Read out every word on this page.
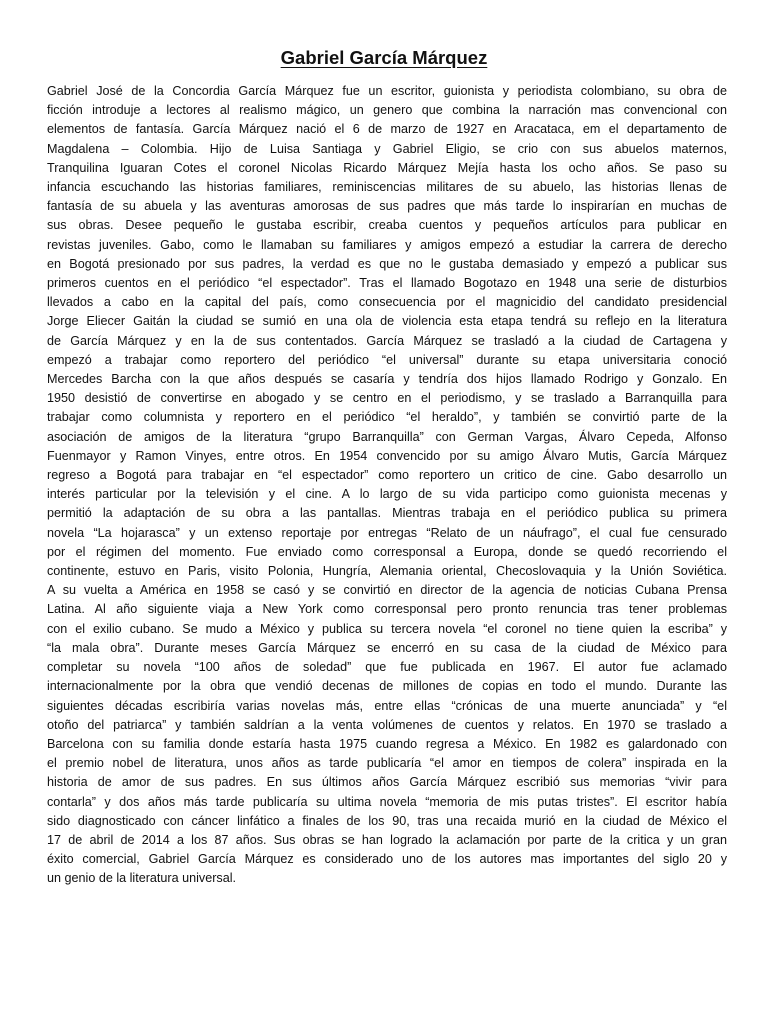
Gabriel García Márquez
Gabriel José de la Concordia García Márquez fue un escritor, guionista y periodista colombiano, su obra de
ficción introduje a lectores al realismo mágico, un genero que combina la narración mas convencional con
elementos de fantasía. García Márquez nació el 6 de marzo de 1927 en Aracataca, em el departamento de
Magdalena – Colombia. Hijo de Luisa Santiaga y Gabriel Eligio, se crio con sus abuelos maternos,
Tranquilina Iguaran Cotes el coronel Nicolas Ricardo Márquez Mejía hasta los ocho años. Se paso su
infancia escuchando las historias familiares, reminiscencias militares de su abuelo, las historias llenas de
fantasía de su abuela y las aventuras amorosas de sus padres que más tarde lo inspirarían en muchas de
sus obras. Desee pequeño le gustaba escribir, creaba cuentos y pequeños artículos para publicar en
revistas juveniles. Gabo, como le llamaban su familiares y amigos empezó a estudiar la carrera de derecho
en Bogotá presionado por sus padres, la verdad es que no le gustaba demasiado y empezó a publicar sus
primeros cuentos en el periódico “el espectador”. Tras el llamado Bogotazo en 1948 una serie de disturbios
llevados a cabo en la capital del país, como consecuencia por el magnicidio del candidato presidencial
Jorge Eliecer Gaitán la ciudad se sumió en una ola de violencia esta etapa tendrá su reflejo en la literatura
de García Márquez y en la de sus contentados. García Márquez se trasladó a la ciudad de Cartagena y
empezó a trabajar como reportero del periódico “el universal” durante su etapa universitaria conoció
Mercedes Barcha con la que años después se casaría y tendría dos hijos llamado Rodrigo y Gonzalo. En
1950 desistió de convertirse en abogado y se centro en el periodismo, y se traslado a Barranquilla para
trabajar como columnista y reportero en el periódico “el heraldo”, y también se convirtió parte de la
asociación de amigos de la literatura “grupo Barranquilla” con German Vargas, Álvaro Cepeda, Alfonso
Fuenmayor y Ramon Vinyes, entre otros. En 1954 convencido por su amigo Álvaro Mutis, García Márquez
regreso a Bogotá para trabajar en “el espectador” como reportero un critico de cine. Gabo desarrollo un
interés particular por la televisión y el cine. A lo largo de su vida participo como guionista mecenas y
permitió la adaptación de su obra a las pantallas. Mientras trabaja en el periódico publica su primera
novela “La hojarasca” y un extenso reportaje por entregas “Relato de un náufrago”, el cual fue censurado
por el régimen del momento. Fue enviado como corresponsal a Europa, donde se quedó recorriendo el
continente, estuvo en Paris, visito Polonia, Hungría, Alemania oriental, Checoslovaquia y la Unión Soviética.
A su vuelta a América en 1958 se casó y se convirtió en director de la agencia de noticias Cubana Prensa
Latina. Al año siguiente viaja a New York como corresponsal pero pronto renuncia tras tener problemas
con el exilio cubano. Se mudo a México y publica su tercera novela “el coronel no tiene quien la escriba” y
“la mala obra”. Durante meses García Márquez se encerró en su casa de la ciudad de México para
completar su novela “100 años de soledad” que fue publicada en 1967. El autor fue aclamado
internacionalmente por la obra que vendió decenas de millones de copias en todo el mundo. Durante las
siguientes décadas escribiría varias novelas más, entre ellas “crónicas de una muerte anunciada” y “el
otoño del patriarca” y también saldrían a la venta volúmenes de cuentos y relatos. En 1970 se traslado a
Barcelona con su familia donde estaría hasta 1975 cuando regresa a México. En 1982 es galardonado con
el premio nobel de literatura, unos años as tarde publicaría “el amor en tiempos de colera” inspirada en la
historia de amor de sus padres. En sus últimos años García Márquez escribió sus memorias “vivir para
contarla” y dos años más tarde publicaría su ultima novela “memoria de mis putas tristes”. El escritor había
sido diagnosticado con cáncer linfático a finales de los 90, tras una recaida murió en la ciudad de México el
17 de abril de 2014 a los 87 años. Sus obras se han logrado la aclamación por parte de la critica y un gran
éxito comercial, Gabriel García Márquez es considerado uno de los autores mas importantes del siglo 20 y
un genio de la literatura universal.
